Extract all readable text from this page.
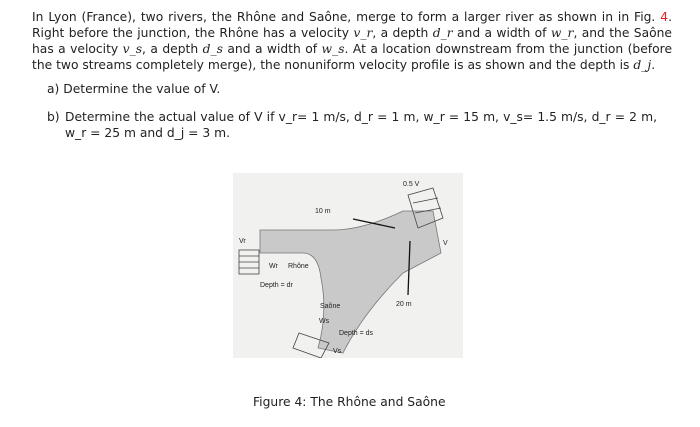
In Lyon (France), two rivers, the Rhône and Saône, merge to form a larger river as shown in in Fig. 4. Right before the junction, the Rhône has a velocity v_r, a depth d_r and a width of w_r, and the Saône has a velocity v_s, a depth d_s and a width of w_s. At a location downstream from the junction (before the two streams completely merge), the nonuniform velocity profile is as shown and the depth is d_j.
a) Determine the value of V.
b) Determine the actual value of V if v_r= 1 m/s, d_r = 1 m, w_r = 15 m, v_s= 1.5 m/s, d_r = 2 m, w_r = 25 m and d_j = 3 m.
0.5 V
V
10 m
20 m
Vr
Wr Rhône
Depth = dr
Saône
Ws
Depth = ds
Vs
Figure 4: The Rhône and Saône
